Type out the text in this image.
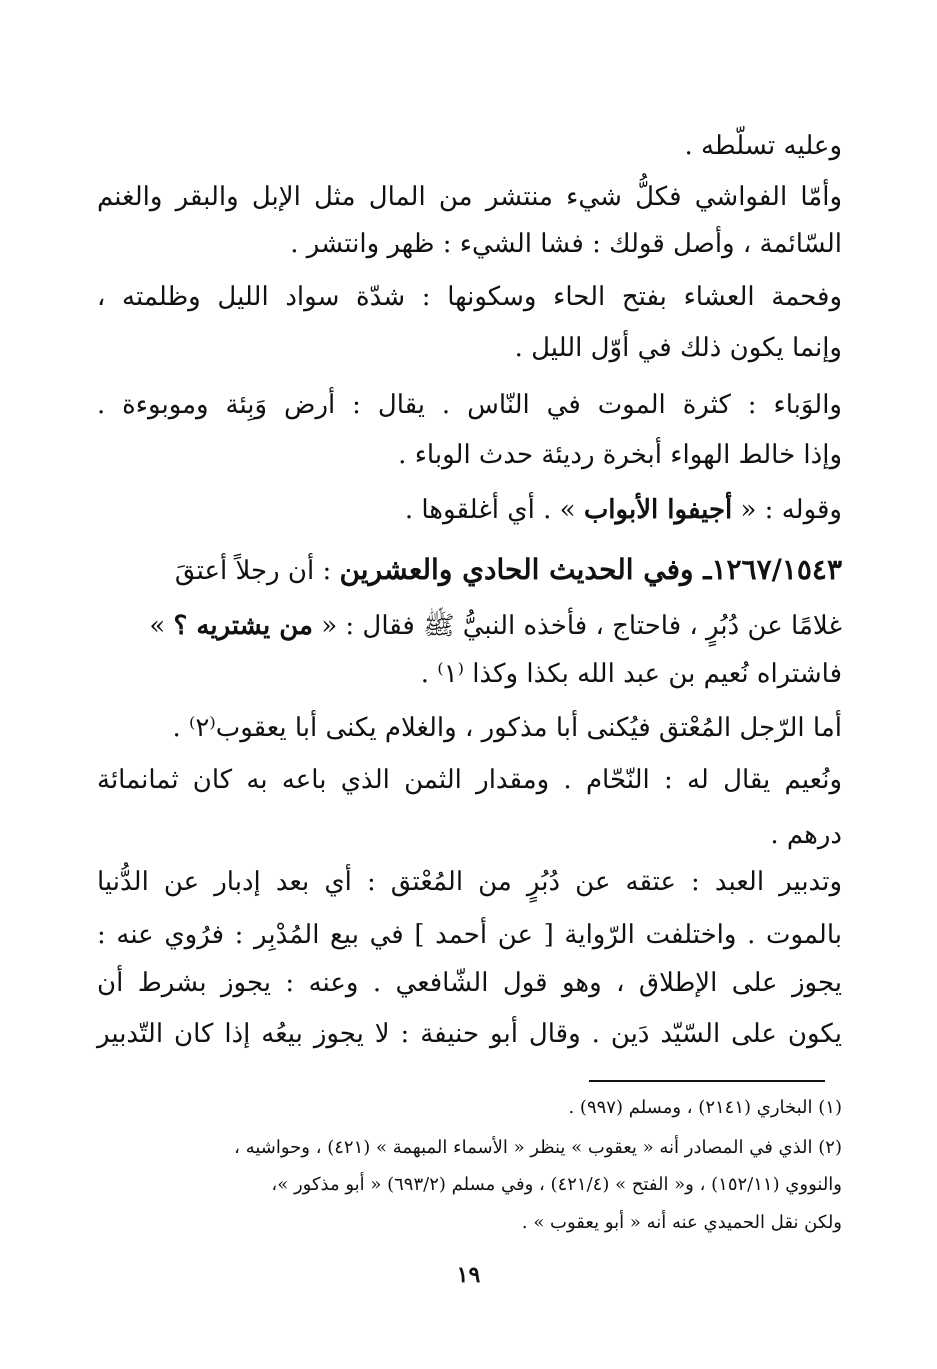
وعليه تسلّطه .
وأمّا الفواشي فكلُّ شيء منتشر من المال مثل الإبل والبقر والغنم
السّائمة ، وأصل قولك : فشا الشيء : ظهر وانتشر .
وفحمة العشاء بفتح الحاء وسكونها : شدّة سواد الليل وظلمته ،
وإنما يكون ذلك في أوّل الليل .
والوَباء : كثرة الموت في النّاس . يقال : أرض وَبِئة وموبوءة .
وإذا خالط الهواء أبخرة رديئة حدث الوباء .
وقوله : « أجيفوا الأبواب » . أي أغلقوها .
١٢٦٧/١٥٤٣ـ وفي الحديث الحادي والعشرين : أن رجلاً أعتقَ
غلامًا عن دُبُرٍ ، فاحتاج ، فأخذه النبيُّ ﷺ فقال : « من يشتريه ؟ »
فاشتراه نُعيم بن عبد الله بكذا وكذا ⁽١⁾ .
أما الرّجل المُعْتق فيُكنى أبا مذكور ، والغلام يكنى أبا يعقوب⁽٢⁾ .
ونُعيم يقال له : النّحّام . ومقدار الثمن الذي باعه به كان ثمانمائة
درهم .
وتدبير العبد : عتقه عن دُبُرٍ من المُعْتق : أي بعد إدبار عن الدُّنيا
بالموت . واختلفت الرّواية [ عن أحمد ] في بيع المُدْبِر : فرُوي عنه :
يجوز على الإطلاق ، وهو قول الشّافعي . وعنه : يجوز بشرط أن
يكون على السّيّد دَين . وقال أبو حنيفة : لا يجوز بيعُه إذا كان التّدبير
(١) البخاري (٢١٤١) ، ومسلم (٩٩٧) .
(٢) الذي في المصادر أنه « يعقوب » ينظر « الأسماء المبهمة » (٤٢١) ، وحواشيه ،
والنووي (١٥٢/١١) ، و« الفتح » (٤٢١/٤) ، وفي مسلم (٦٩٣/٢) « أبو مذكور »،
ولكن نقل الحميدي عنه أنه « أبو يعقوب » .
١٩
